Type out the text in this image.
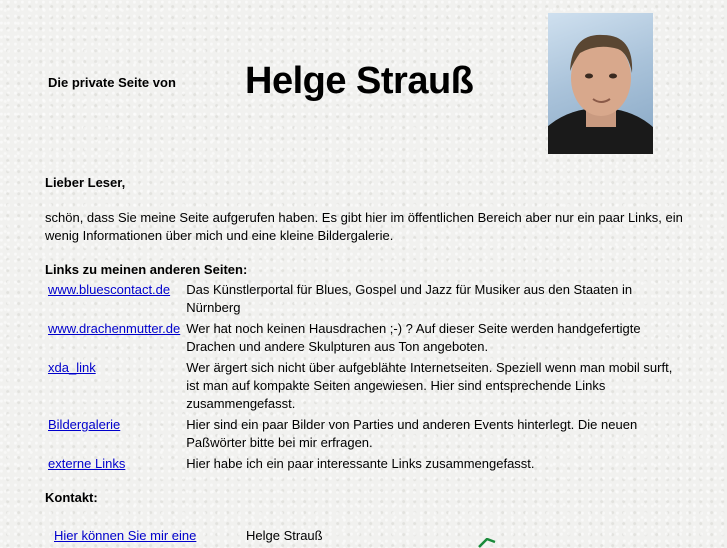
Die private Seite von Helge Strauß
Lieber Leser,
schön, dass Sie meine Seite aufgerufen haben. Es gibt hier im öffentlichen Bereich aber nur ein paar Links, ein wenig Informationen über mich und eine kleine Bildergalerie.
Links zu meinen anderen Seiten:
www.bluescontact.de	Das Künstlerportal für Blues, Gospel und Jazz für Musiker aus den Staaten in Nürnberg
www.drachenmutter.de	Wer hat noch keinen Hausdrachen ;-) ? Auf dieser Seite werden handgefertigte Drachen und andere Skulpturen aus Ton angeboten.
xda_link	Wer ärgert sich nicht über aufgeblähte Internetseiten. Speziell wenn man mobil surft, ist man auf kompakte Seiten angewiesen. Hier sind entsprechende Links zusammengefasst.
Bildergalerie	Hier sind ein paar Bilder von Parties und anderen Events hinterlegt. Die neuen Paßwörter bitte bei mir erfragen.
externe Links	Hier habe ich ein paar interessante Links zusammengefasst.
Kontakt:
Hier können Sie mir eine	Helge Strauß
